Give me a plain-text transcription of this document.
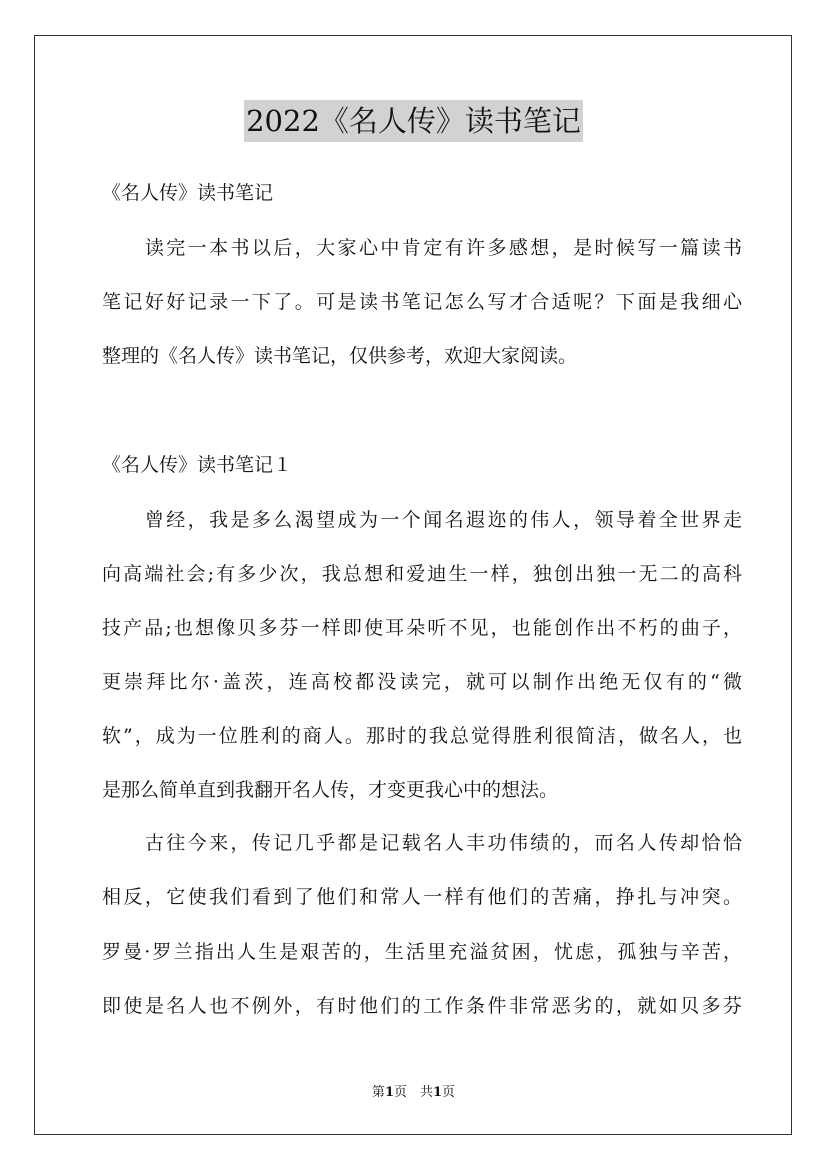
2022《名人传》读书笔记
《名人传》读书笔记
　　读完一本书以后，大家心中肯定有许多感想，是时候写一篇读书
笔记好好记录一下了。可是读书笔记怎么写才合适呢？下面是我细心
整理的《名人传》读书笔记，仅供参考，欢迎大家阅读。
《名人传》读书笔记１
　　曾经，我是多么渴望成为一个闻名遐迩的伟人，领导着全世界走
向高端社会;有多少次，我总想和爱迪生一样，独创出独一无二的高科
技产品;也想像贝多芬一样即使耳朵听不见，也能创作出不朽的曲子，
更崇拜比尔·盖茨，连高校都没读完，就可以制作出绝无仅有的“微
软”，成为一位胜利的商人。那时的我总觉得胜利很简洁，做名人，也
是那么简单直到我翻开名人传，才变更我心中的想法。
　　古往今来，传记几乎都是记载名人丰功伟绩的，而名人传却恰恰
相反，它使我们看到了他们和常人一样有他们的苦痛，挣扎与冲突。
罗曼·罗兰指出人生是艰苦的，生活里充溢贫困，忧虑，孤独与辛苦，
即使是名人也不例外，有时他们的工作条件非常恶劣的，就如贝多芬
第1页　共1页
